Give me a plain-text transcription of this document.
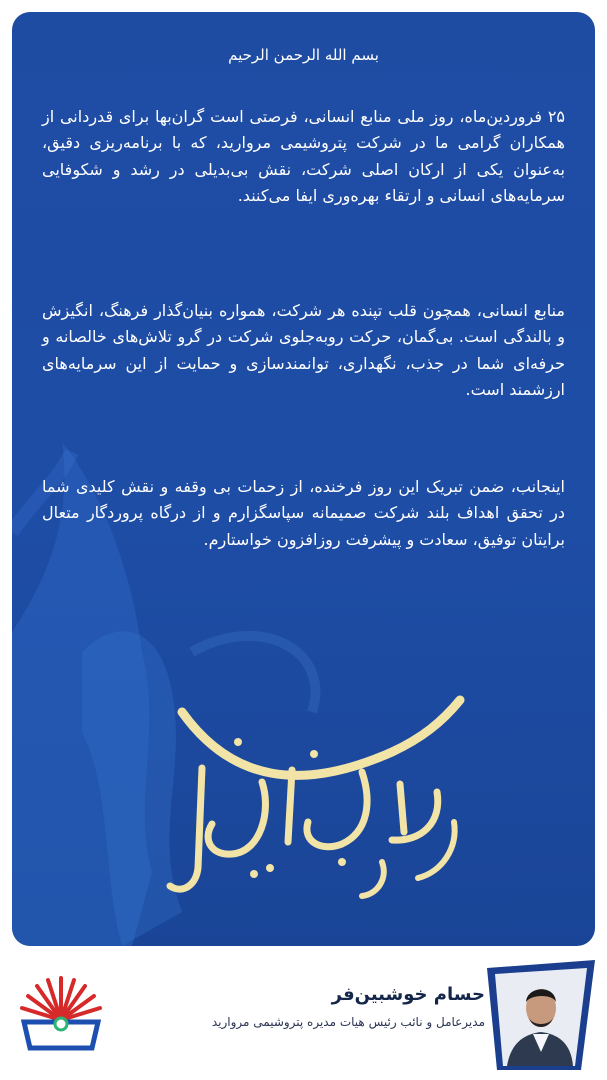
بسم الله الرحمن الرحیم

۲۵ فروردین‌ماه، روز ملی منابع انسانی، فرصتی است گران‌بها برای قدردانی از همکاران گرامی ما در شرکت پتروشیمی مروارید، که با برنامه‌ریزی دقیق، به‌عنوان یکی از ارکان اصلی شرکت، نقش بی‌بدیلی در رشد و شکوفایی سرمایه‌های انسانی و ارتقاء بهره‌وری ایفا می‌کنند.

منابع انسانی، همچون قلب تپنده هر شرکت، همواره بنیان‌گذار فرهنگ، انگیزش و بالندگی است. بی‌گمان، حرکت روبه‌جلوی شرکت در گرو تلاش‌های خالصانه و حرفه‌ای شما در جذب، نگهداری، توانمندسازی و حمایت از این سرمایه‌های ارزشمند است.

اینجانب، ضمن تبریک این روز فرخنده، از زحمات بی وقفه و نقش کلیدی شما در تحقق اهداف بلند شرکت صمیمانه سپاسگزارم و از درگاه پروردگار متعال برایتان توفیق، سعادت و پیشرفت روزافزون خواستارم.

حسام خوشبین‌فر
مدیرعامل و نائب رئیس هیات مدیره پتروشیمی مروارید
